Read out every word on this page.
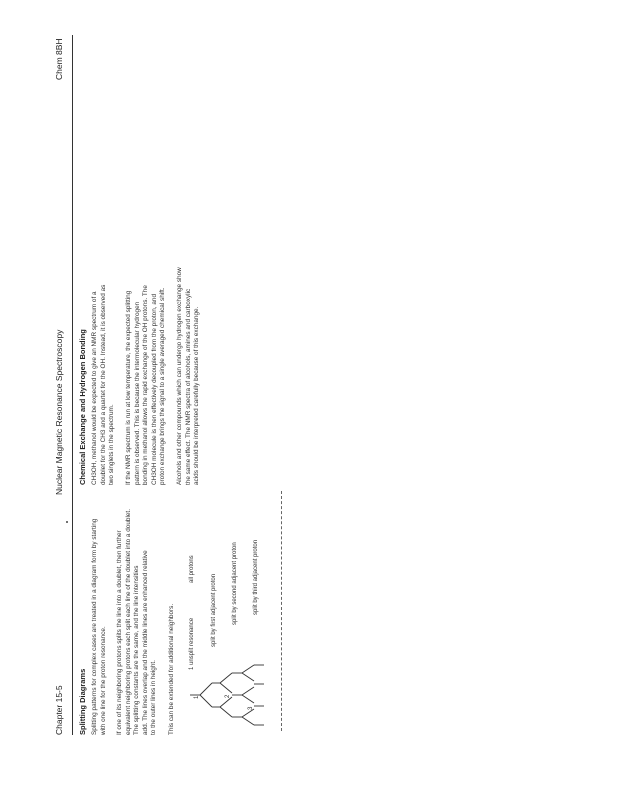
Chapter 15-5
Nuclear Magnetic Resonance Spectroscopy
Chem 8BH
Splitting Diagrams Splitting patterns for complex cases are treated in a diagram form by starting with one line for the proton resonance. If one of its neighboring protons splits the line into a doublet, then further equivalent neighboring protons each split each line of the doublet into a doublet. The splitting constants are the same, and the line intensities add. The lines overlap and the middle lines are enhanced relative to the outer lines in height. This can be extended for additional neighbors. 1 unsplit resonance
all protons
split by first adjacent proton	split by second adjacent proton	split by third adjacent proton
1	2
3
Chemical Exchange and Hydrogen Bonding CH3OH, methanol would be expected to give an NMR spectrum of a doublet for the CH3 and a quartet for the OH. Instead, it is observed as two singlets in the spectrum. If the NMR spectrum is run at low temperature, the expected splitting pattern is observed. This is because the intermolecular hydrogen bonding in methanol allows the rapid exchange of the OH protons. The CH3OH molecule is then effectively decoupled from the proton, and proton exchange brings the signal to a single averaged chemical shift. Alcohols and other compounds which can undergo hydrogen exchange show the same effect. The NMR spectra of alcohols, amines and carboxylic acids should be interpreted carefully because of this exchange.
